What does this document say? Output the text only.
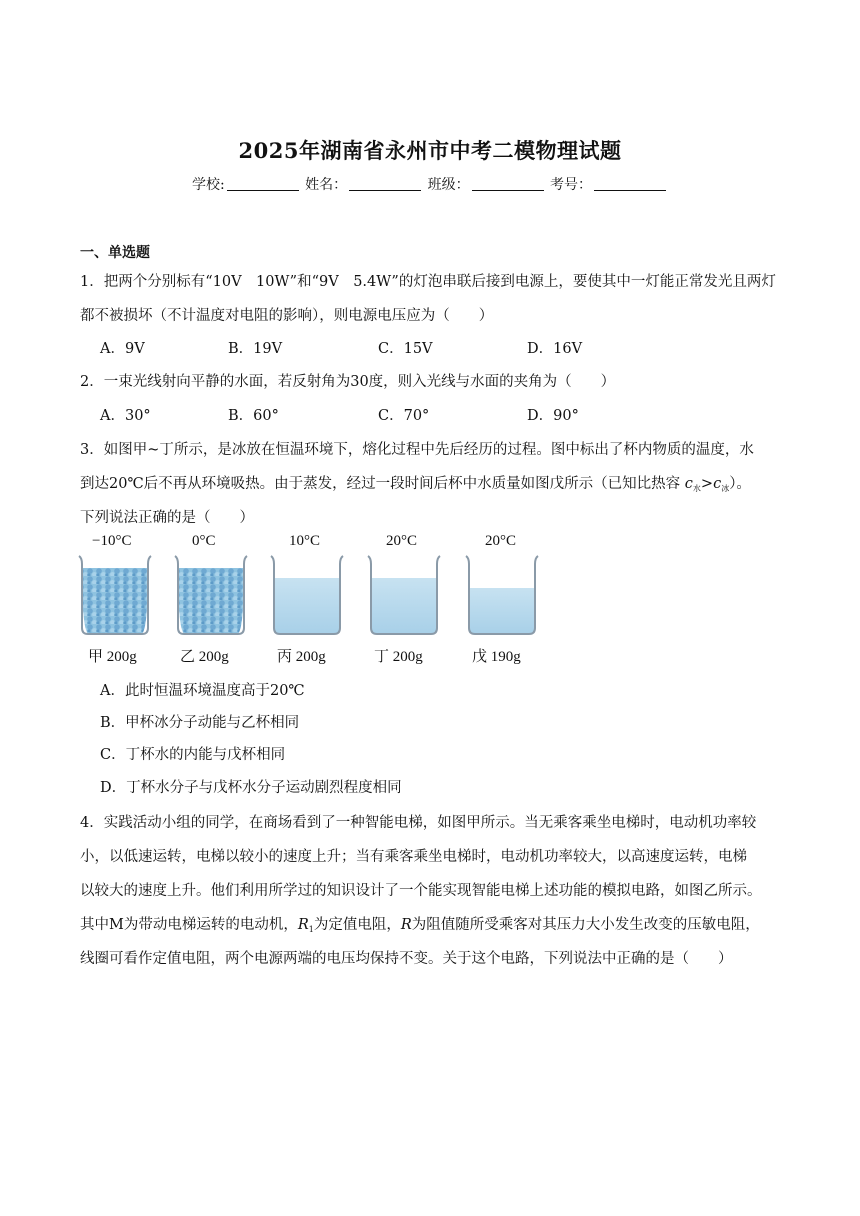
2025年湖南省永州市中考二模物理试题
学校:	姓名：	班级：	考号：
一、单选题
1．把两个分别标有“10V　10W”和“9V　5.4W”的灯泡串联后接到电源上，要使其中一灯能正常发光且两灯
都不被损坏（不计温度对电阻的影响），则电源电压应为（　　）
A．9V	B．19V	C．15V	D．16V
2．一束光线射向平静的水面，若反射角为30度，则入光线与水面的夹角为（　　）
A．30°	B．60°	C．70°	D．90°
3．如图甲~丁所示，是冰放在恒温环境下，熔化过程中先后经历的过程。图中标出了杯内物质的温度，水
到达20℃后不再从环境吸热。由于蒸发，经过一段时间后杯中水质量如图戊所示（已知比热容 $c_水>c_冰$）。
下列说法正确的是（　　）
−10°C	0°C	10°C	20°C	20°C
甲 200g	乙 200g	丙 200g	丁 200g	戊 190g
A．此时恒温环境温度高于20℃
B．甲杯冰分子动能与乙杯相同
C．丁杯水的内能与戊杯相同
D．丁杯水分子与戊杯水分子运动剧烈程度相同
4．实践活动小组的同学，在商场看到了一种智能电梯，如图甲所示。当无乘客乘坐电梯时，电动机功率较
小，以低速运转，电梯以较小的速度上升；当有乘客乘坐电梯时，电动机功率较大，以高速度运转，电梯
以较大的速度上升。他们利用所学过的知识设计了一个能实现智能电梯上述功能的模拟电路，如图乙所示。
其中M为带动电梯运转的电动机，$R_1$为定值电阻，R为阻值随所受乘客对其压力大小发生改变的压敏电阻，
线圈可看作定值电阻，两个电源两端的电压均保持不变。关于这个电路，下列说法中正确的是（　　）
